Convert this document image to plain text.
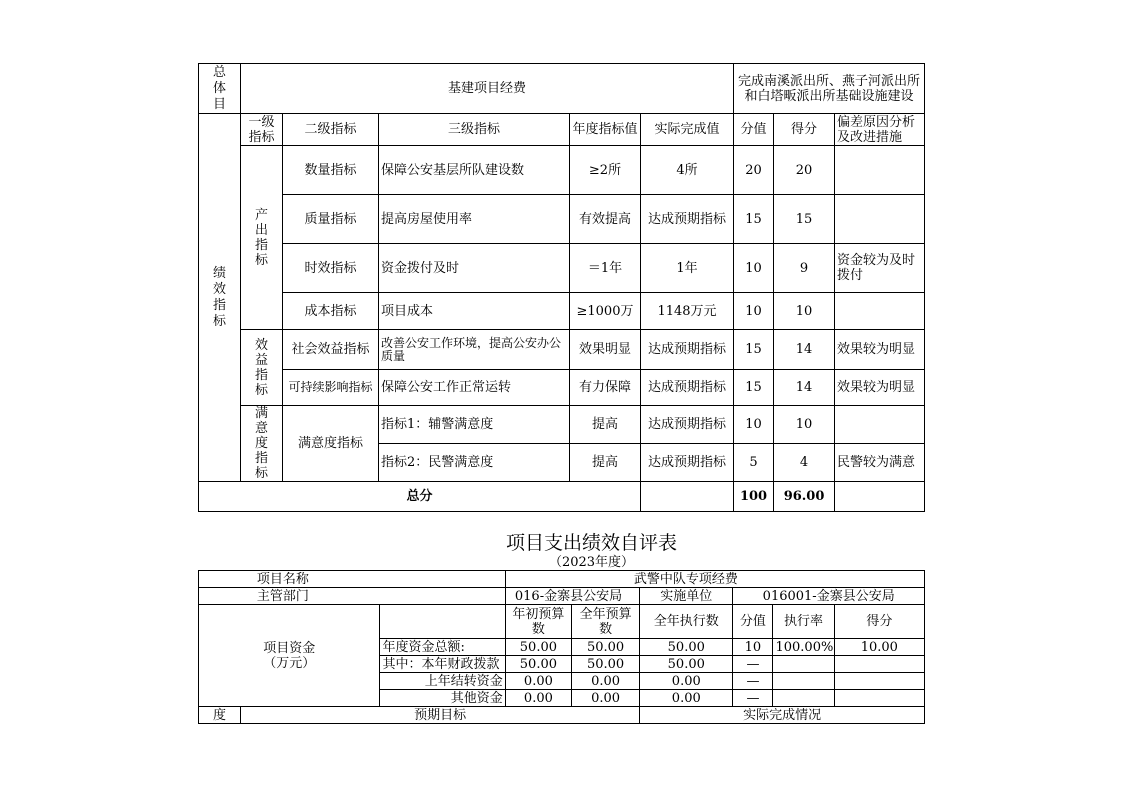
总体目	基建项目经费					完成南溪派出所、燕子河派出所和白塔畈派出所基础设施建设		
绩效指标	一级指标	二级指标	三级指标	年度指标值	实际完成值	分值	得分	偏差原因分析及改进措施
	产出指标	数量指标	保障公安基层所队建设数	≥2所	4所	20	20	
		质量指标	提高房屋使用率	有效提高	达成预期指标	15	15	
		时效指标	资金拨付及时	＝1年	1年	10	9	资金较为及时拨付
		成本指标	项目成本	≥1000万	1148万元	10	10	
	效益指标	社会效益指标	改善公安工作环境，提高公安办公质量	效果明显	达成预期指标	15	14	效果较为明显
		可持续影响指标	保障公安工作正常运转	有力保障	达成预期指标	15	14	效果较为明显
	满意度指标	满意度指标	指标1：辅警满意度	提高	达成预期指标	10	10	
			指标2：民警满意度	提高	达成预期指标	5	4	民警较为满意
总分						100	96.00	
项目支出绩效自评表
（2023年度）
项目名称			武警中队专项经费					
主管部门			016-金寨县公安局		实施单位	016001-金寨县公安局		

项目资金
（万元）			年初预算数	全年预算数	全年执行数	分值	执行率	得分
		年度资金总额:	50.00	50.00	50.00	10	100.00%	10.00
		其中：本年财政拨款	50.00	50.00	50.00	—		
		上年结转资金	0.00	0.00	0.00	—		
		其他资金	0.00	0.00	0.00	—		
度	预期目标				实际完成情况			
